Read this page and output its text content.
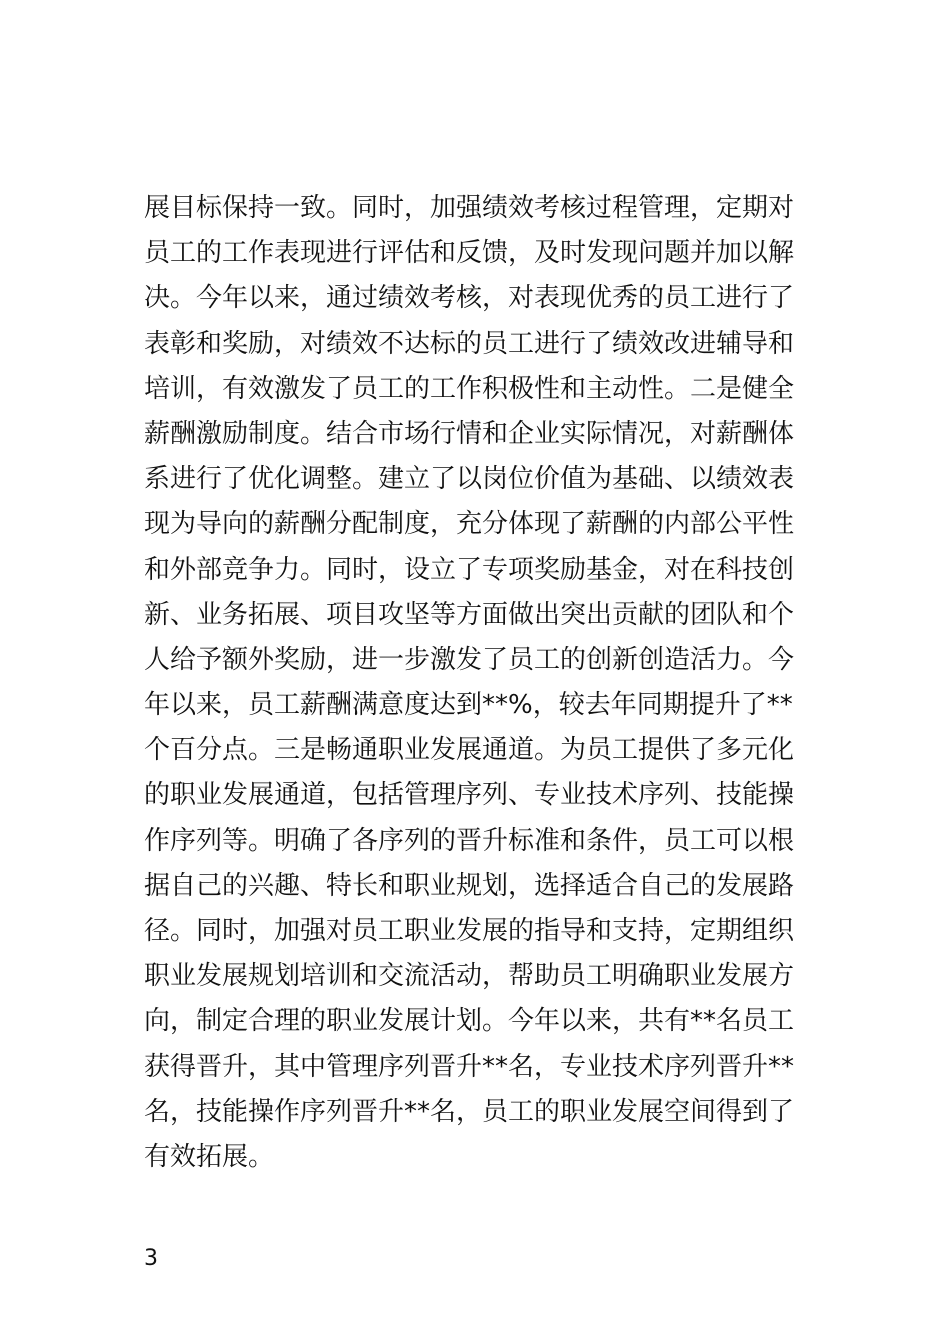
展目标保持一致。同时，加强绩效考核过程管理，定期对
员工的工作表现进行评估和反馈，及时发现问题并加以解
决。今年以来，通过绩效考核，对表现优秀的员工进行了
表彰和奖励，对绩效不达标的员工进行了绩效改进辅导和
培训，有效激发了员工的工作积极性和主动性。二是健全
薪酬激励制度。结合市场行情和企业实际情况，对薪酬体
系进行了优化调整。建立了以岗位价值为基础、以绩效表
现为导向的薪酬分配制度，充分体现了薪酬的内部公平性
和外部竞争力。同时，设立了专项奖励基金，对在科技创
新、业务拓展、项目攻坚等方面做出突出贡献的团队和个
人给予额外奖励，进一步激发了员工的创新创造活力。今
年以来，员工薪酬满意度达到**%，较去年同期提升了**
个百分点。三是畅通职业发展通道。为员工提供了多元化
的职业发展通道，包括管理序列、专业技术序列、技能操
作序列等。明确了各序列的晋升标准和条件，员工可以根
据自己的兴趣、特长和职业规划，选择适合自己的发展路
径。同时，加强对员工职业发展的指导和支持，定期组织
职业发展规划培训和交流活动，帮助员工明确职业发展方
向，制定合理的职业发展计划。今年以来，共有**名员工
获得晋升，其中管理序列晋升**名，专业技术序列晋升**
名，技能操作序列晋升**名，员工的职业发展空间得到了
有效拓展。
3
